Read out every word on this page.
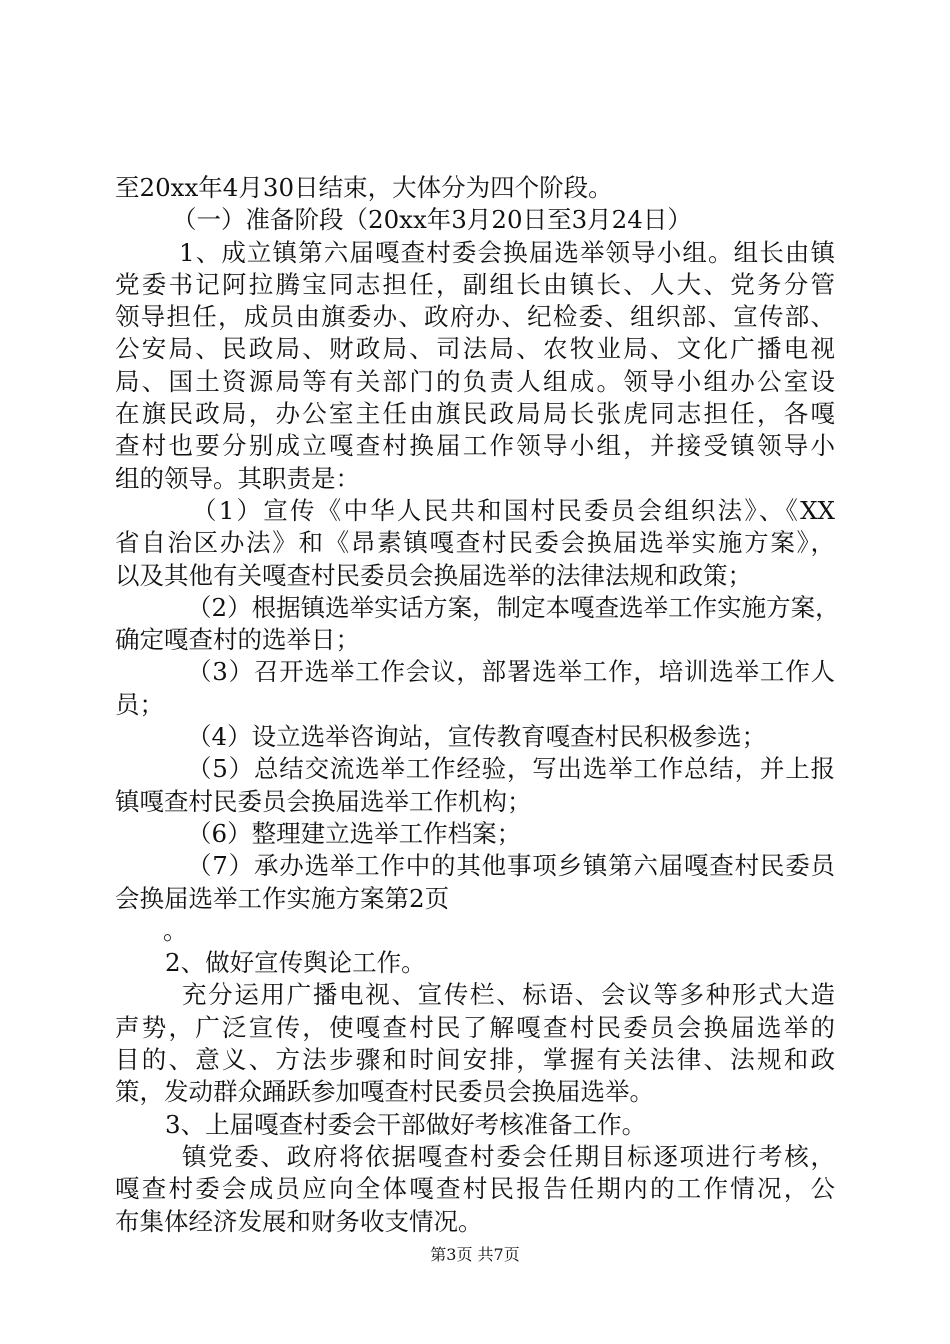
至20xx年4月30日结束，大体分为四个阶段。
（一）准备阶段（20xx年3月20日至3月24日）
1、成立镇第六届嘎查村委会换届选举领导小组。组长由镇
党委书记阿拉腾宝同志担任，副组长由镇长、人大、党务分管
领导担任，成员由旗委办、政府办、纪检委、组织部、宣传部、
公安局、民政局、财政局、司法局、农牧业局、文化广播电视
局、国土资源局等有关部门的负责人组成。领导小组办公室设
在旗民政局，办公室主任由旗民政局局长张虎同志担任，各嘎
查村也要分别成立嘎查村换届工作领导小组，并接受镇领导小
组的领导。其职责是：
（1）宣传《中华人民共和国村民委员会组织法》、《XX
省自治区办法》和《昂素镇嘎查村民委会换届选举实施方案》，
以及其他有关嘎查村民委员会换届选举的法律法规和政策；
（2）根据镇选举实话方案，制定本嘎查选举工作实施方案，
确定嘎查村的选举日；
（3）召开选举工作会议，部署选举工作，培训选举工作人
员；
（4）设立选举咨询站，宣传教育嘎查村民积极参选；
（5）总结交流选举工作经验，写出选举工作总结，并上报
镇嘎查村民委员会换届选举工作机构；
（6）整理建立选举工作档案；
（7）承办选举工作中的其他事项乡镇第六届嘎查村民委员
会换届选举工作实施方案第2页
。
2、做好宣传舆论工作。
充分运用广播电视、宣传栏、标语、会议等多种形式大造
声势，广泛宣传，使嘎查村民了解嘎查村民委员会换届选举的
目的、意义、方法步骤和时间安排，掌握有关法律、法规和政
策，发动群众踊跃参加嘎查村民委员会换届选举。
3、上届嘎查村委会干部做好考核准备工作。
镇党委、政府将依据嘎查村委会任期目标逐项进行考核，
嘎查村委会成员应向全体嘎查村民报告任期内的工作情况，公
布集体经济发展和财务收支情况。
第3页 共7页
